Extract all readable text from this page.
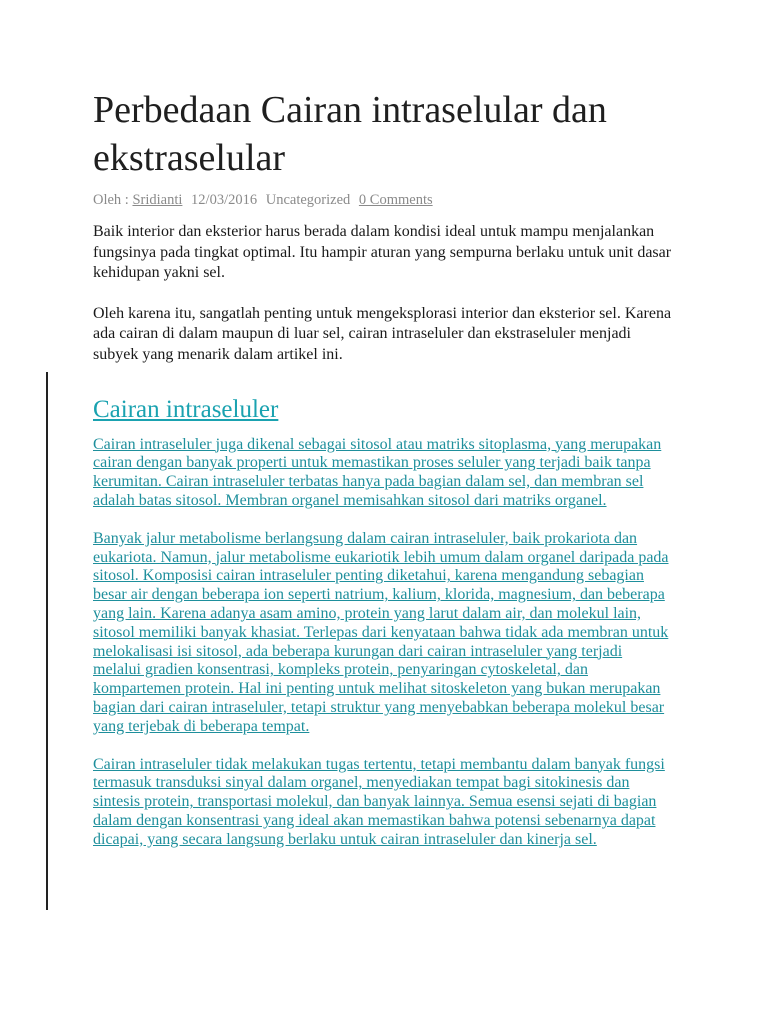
Perbedaan Cairan intraselular dan
ekstraselular
Oleh : Sridianti 12/03/2016 Uncategorized 0 Comments

Baik interior dan eksterior harus berada dalam kondisi ideal untuk mampu menjalankan fungsinya pada tingkat optimal. Itu hampir aturan yang sempurna berlaku untuk unit dasar kehidupan yakni sel.

Oleh karena itu, sangatlah penting untuk mengeksplorasi interior dan eksterior sel. Karena ada cairan di dalam maupun di luar sel, cairan intraseluler dan ekstraseluler menjadi subyek yang menarik dalam artikel ini.

Cairan intraseluler

Cairan intraseluler juga dikenal sebagai sitosol atau matriks sitoplasma, yang merupakan cairan dengan banyak properti untuk memastikan proses seluler yang terjadi baik tanpa kerumitan. Cairan intraseluler terbatas hanya pada bagian dalam sel, dan membran sel adalah batas sitosol. Membran organel memisahkan sitosol dari matriks organel.

Banyak jalur metabolisme berlangsung dalam cairan intraseluler, baik prokariota dan eukariota. Namun, jalur metabolisme eukariotik lebih umum dalam organel daripada pada sitosol. Komposisi cairan intraseluler penting diketahui, karena mengandung sebagian besar air dengan beberapa ion seperti natrium, kalium, klorida, magnesium, dan beberapa yang lain. Karena adanya asam amino, protein yang larut dalam air, dan molekul lain, sitosol memiliki banyak khasiat. Terlepas dari kenyataan bahwa tidak ada membran untuk melokalisasi isi sitosol, ada beberapa kurungan dari cairan intraseluler yang terjadi melalui gradien konsentrasi, kompleks protein, penyaringan cytoskeletal, dan kompartemen protein. Hal ini penting untuk melihat sitoskeleton yang bukan merupakan bagian dari cairan intraseluler, tetapi struktur yang menyebabkan beberapa molekul besar yang terjebak di beberapa tempat.

Cairan intraseluler tidak melakukan tugas tertentu, tetapi membantu dalam banyak fungsi termasuk transduksi sinyal dalam organel, menyediakan tempat bagi sitokinesis dan sintesis protein, transportasi molekul, dan banyak lainnya. Semua esensi sejati di bagian dalam dengan konsentrasi yang ideal akan memastikan bahwa potensi sebenarnya dapat dicapai, yang secara langsung berlaku untuk cairan intraseluler dan kinerja sel.
